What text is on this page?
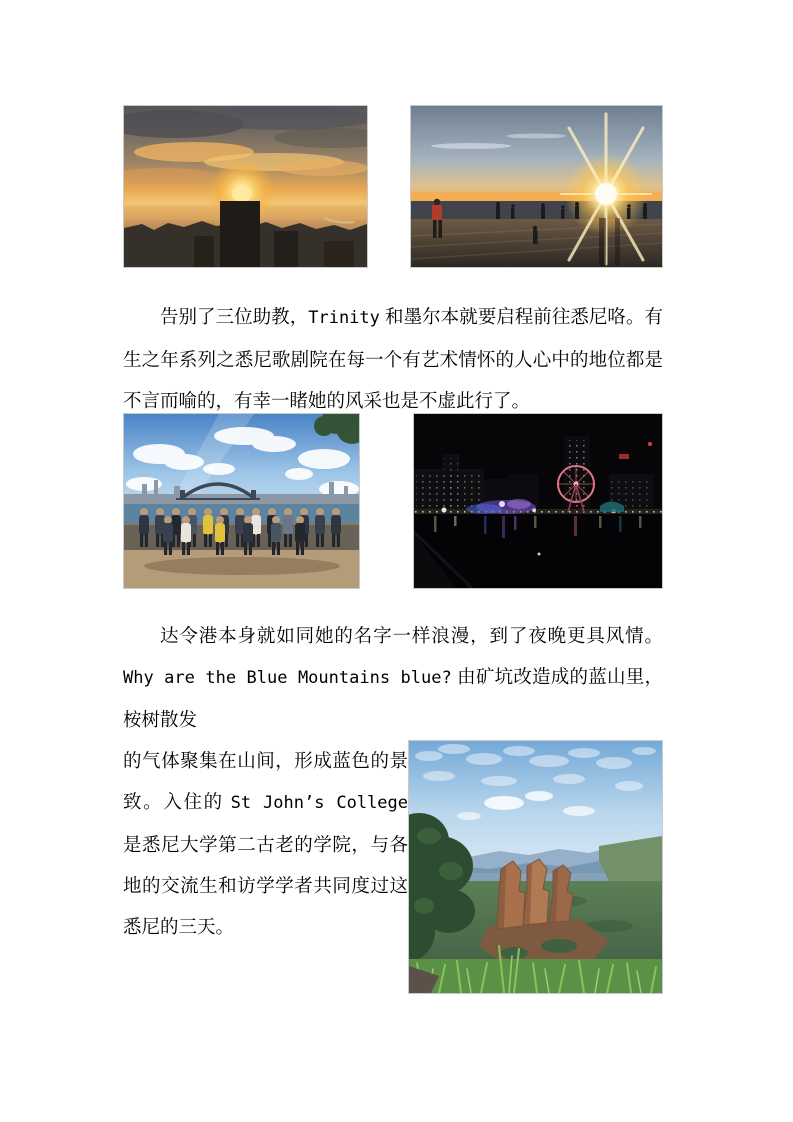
告别了三位助教，Trinity 和墨尔本就要启程前往悉尼咯。有生之年系列之悉尼歌剧院在每一个有艺术情怀的人心中的地位都是不言而喻的，有幸一睹她的风采也是不虚此行了。

达令港本身就如同她的名字一样浪漫，到了夜晚更具风情。Why are the Blue Mountains blue? 由矿坑改造成的蓝山里，桉树散发

的气体聚集在山间，形成蓝色的景致。入住的 St John’s College 是悉尼大学第二古老的学院，与各地的交流生和访学学者共同度过这悉尼的三天。
